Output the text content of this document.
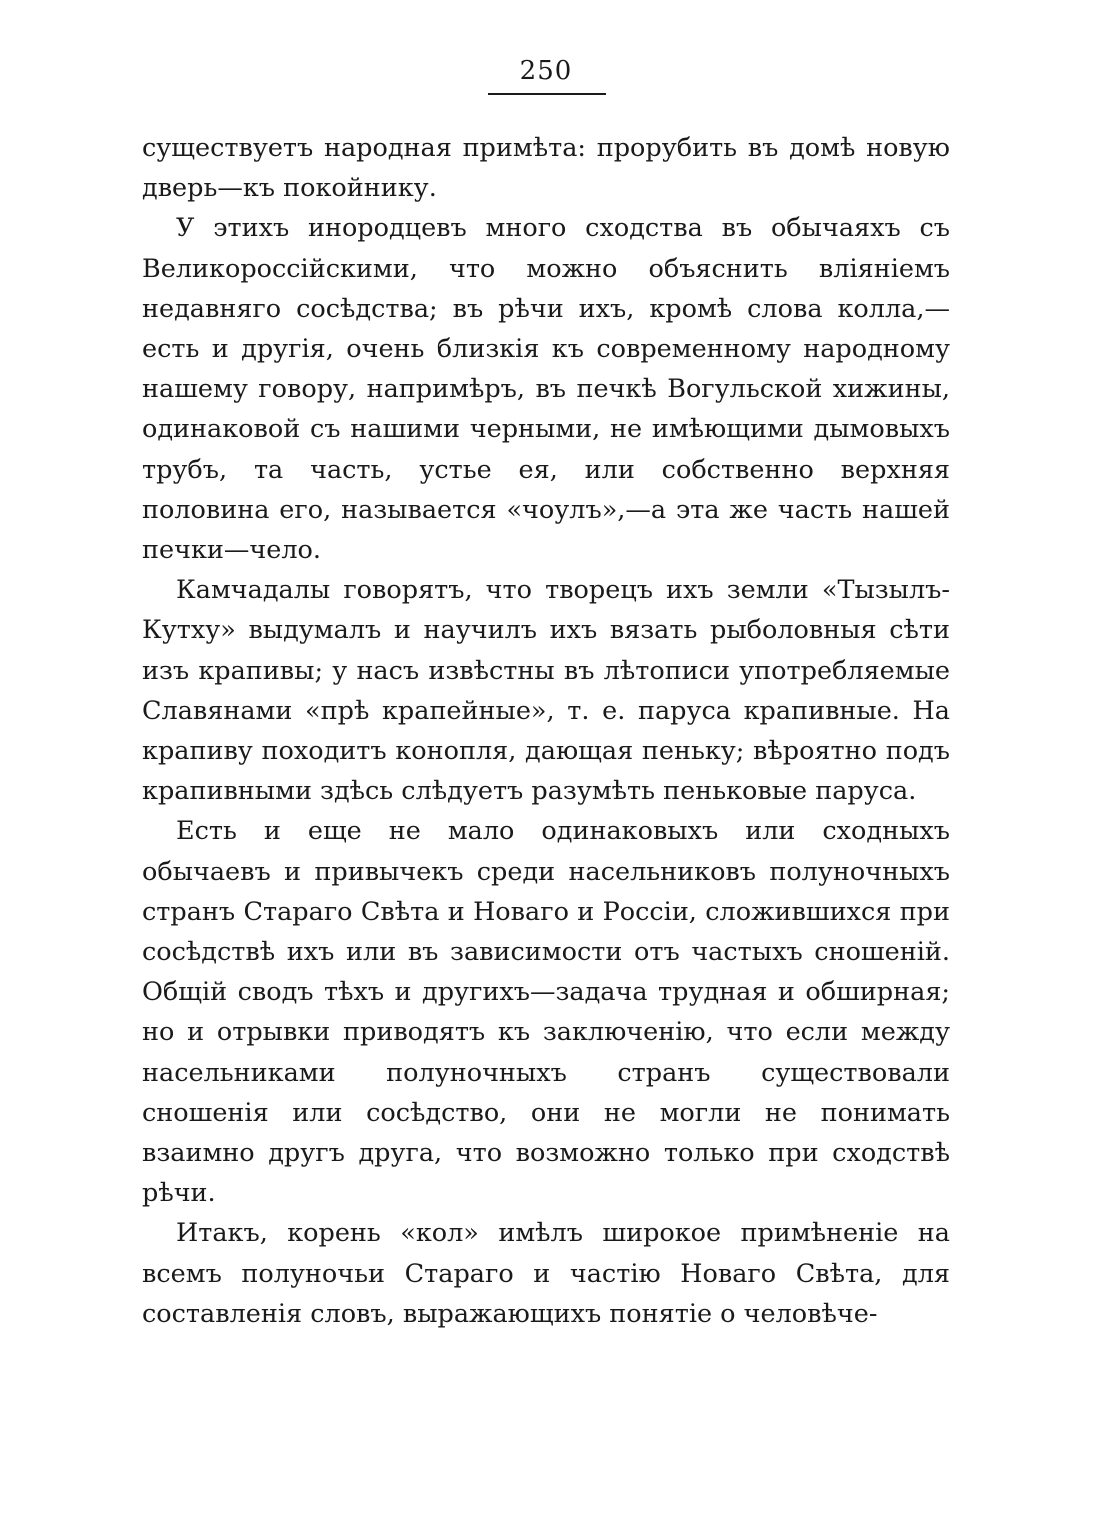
250

существуетъ народная примѣта: прорубить въ домѣ новую дверь—къ покойнику.

У этихъ инородцевъ много сходства въ обычаяхъ съ Великороссійскими, что можно объяснить вліяніемъ недавняго сосѣдства; въ рѣчи ихъ, кромѣ слова колла,—есть и другія, очень близкія къ современному народному нашему говору, напримѣръ, въ печкѣ Вогульской хижины, одинаковой съ нашими черными, не имѣющими дымовыхъ трубъ, та часть, устье ея, или собственно верхняя половина его, называется «чоулъ»,—а эта же часть нашей печки—чело.

Камчадалы говорятъ, что творецъ ихъ земли «Тызылъ-Кутху» выдумалъ и научилъ ихъ вязать рыболовныя сѣти изъ крапивы; у насъ извѣстны въ лѣтописи употребляемые Славянами «прѣ крапейные», т. е. паруса крапивные. На крапиву походитъ конопля, дающая пеньку; вѣроятно подъ крапивными здѣсь слѣдуетъ разумѣть пеньковые паруса.

Есть и еще не мало одинаковыхъ или сходныхъ обычаевъ и привычекъ среди насельниковъ полуночныхъ странъ Стараго Свѣта и Новаго и Россіи, сложившихся при сосѣдствѣ ихъ или въ зависимости отъ частыхъ сношеній. Общій сводъ тѣхъ и другихъ—задача трудная и обширная; но и отрывки приводятъ къ заключенію, что если между насельниками полуночныхъ странъ существовали сношенія или сосѣдство, они не могли не понимать взаимно другъ друга, что возможно только при сходствѣ рѣчи.

Итакъ, корень «кол» имѣлъ широкое примѣненіе на всемъ полуночьи Стараго и частію Новаго Свѣта, для составленія словъ, выражающихъ понятіе о человѣче-
